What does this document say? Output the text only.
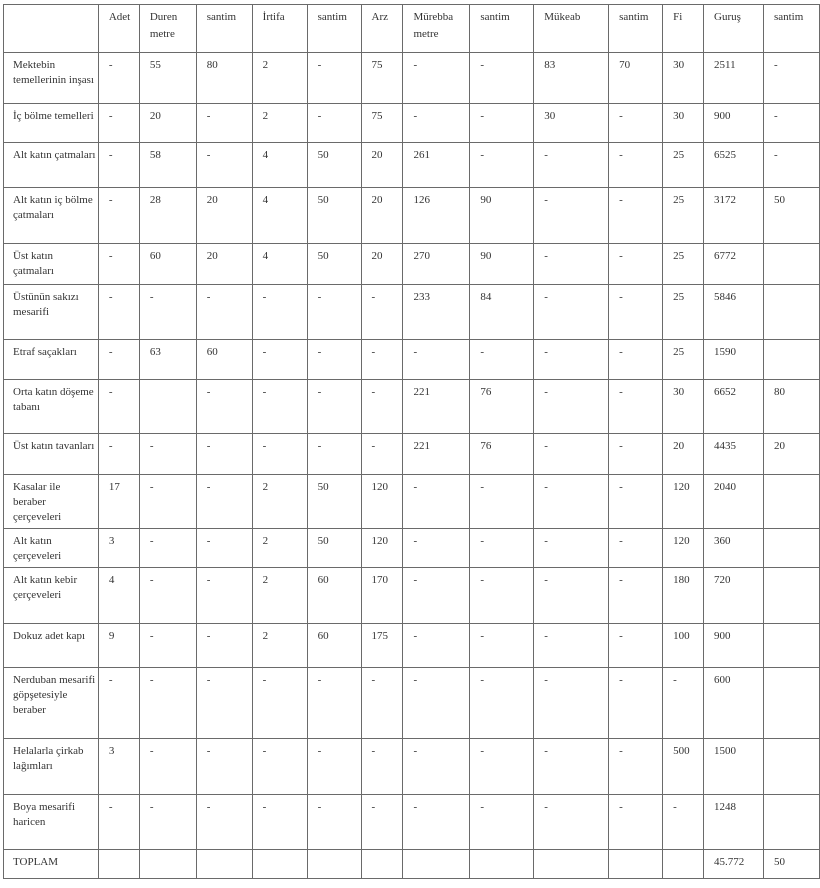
	Adet	Duren metre	santim	İrtifa	santim	Arz	Mürebba metre	santim	Mükeab	santim	Fi	Guruş	santim
Mektebin temellerinin inşası	-	55	80	2	-	75	-	-	83	70	30	2511	-
İç bölme temelleri	-	20	-	2	-	75	-	-	30	-	30	900	-
Alt katın çatmaları	-	58	-	4	50	20	261	-	-	-	25	6525	-
Alt katın iç bölme çatmaları	-	28	20	4	50	20	126	90	-	-	25	3172	50
Üst katın çatmaları	-	60	20	4	50	20	270	90	-	-	25	6772	
Üstünün sakızı mesarifi	-	-	-	-	-	-	233	84	-	-	25	5846	
Etraf saçakları	-	63	60	-	-	-	-	-	-	-	25	1590	
Orta katın döşeme tabanı	-		-	-	-	-	221	76	-	-	30	6652	80
Üst katın tavanları	-	-	-	-	-	-	221	76	-	-	20	4435	20
Kasalar ile beraber çerçeveleri	17	-	-	2	50	120	-	-	-	-	120	2040	
Alt katın çerçeveleri	3	-	-	2	50	120	-	-	-	-	120	360	
Alt katın kebir çerçeveleri	4	-	-	2	60	170	-	-	-	-	180	720	
Dokuz adet kapı	9	-	-	2	60	175	-	-	-	-	100	900	
Nerduban mesarifi göpşetesiyle beraber	-	-	-	-	-	-	-	-	-	-	-	600	
Helalarla çirkab lağımları	3	-	-	-	-	-	-	-	-	-	500	1500	
Boya mesarifi haricen	-	-	-	-	-	-	-	-	-	-	-	1248	
TOPLAM												45.772	50
